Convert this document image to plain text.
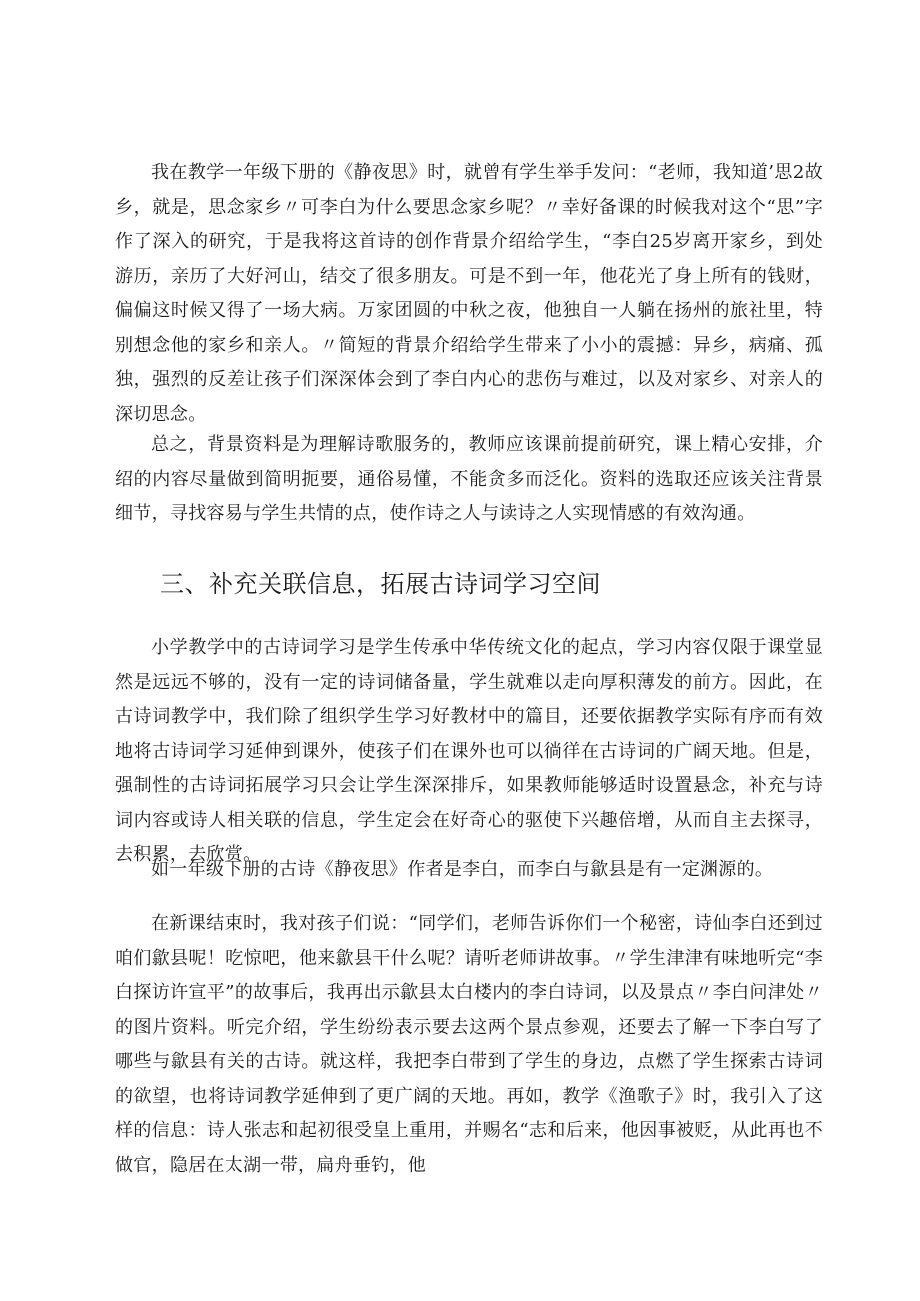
我在教学一年级下册的《静夜思》时，就曾有学生举手发问：“老师，我知道’思2故乡，就是，思念家乡〃可李白为什么要思念家乡呢？〃幸好备课的时候我对这个“思”字作了深入的研究，于是我将这首诗的创作背景介绍给学生，“李白25岁离开家乡，到处游历，亲历了大好河山，结交了很多朋友。可是不到一年，他花光了身上所有的钱财，偏偏这时候又得了一场大病。万家团圆的中秋之夜，他独自一人躺在扬州的旅社里，特别想念他的家乡和亲人。〃简短的背景介绍给学生带来了小小的震撼：异乡，病痛、孤独，强烈的反差让孩子们深深体会到了李白内心的悲伤与难过，以及对家乡、对亲人的深切思念。

总之，背景资料是为理解诗歌服务的，教师应该课前提前研究，课上精心安排，介绍的内容尽量做到简明扼要，通俗易懂，不能贪多而泛化。资料的选取还应该关注背景细节，寻找容易与学生共情的点，使作诗之人与读诗之人实现情感的有效沟通。

三、补充关联信息，拓展古诗词学习空间

小学教学中的古诗词学习是学生传承中华传统文化的起点，学习内容仅限于课堂显然是远远不够的，没有一定的诗词储备量，学生就难以走向厚积薄发的前方。因此，在古诗词教学中，我们除了组织学生学习好教材中的篇目，还要依据教学实际有序而有效地将古诗词学习延伸到课外，使孩子们在课外也可以徜徉在古诗词的广阔天地。但是，强制性的古诗词拓展学习只会让学生深深排斥，如果教师能够适时设置悬念，补充与诗词内容或诗人相关联的信息，学生定会在好奇心的驱使下兴趣倍增，从而自主去探寻，去积累，去欣赏。

如一年级下册的古诗《静夜思》作者是李白，而李白与歙县是有一定渊源的。

在新课结束时，我对孩子们说：“同学们，老师告诉你们一个秘密，诗仙李白还到过咱们歙县呢！吃惊吧，他来歙县干什么呢？请听老师讲故事。〃学生津津有味地听完“李白探访许宣平”的故事后，我再出示歙县太白楼内的李白诗词，以及景点〃李白问津处〃的图片资料。听完介绍，学生纷纷表示要去这两个景点参观，还要去了解一下李白写了哪些与歙县有关的古诗。就这样，我把李白带到了学生的身边，点燃了学生探索古诗词的欲望，也将诗词教学延伸到了更广阔的天地。再如，教学《渔歌子》时，我引入了这样的信息：诗人张志和起初很受皇上重用，并赐名“志和后来，他因事被贬，从此再也不做官，隐居在太湖一带，扁舟垂钓，他
